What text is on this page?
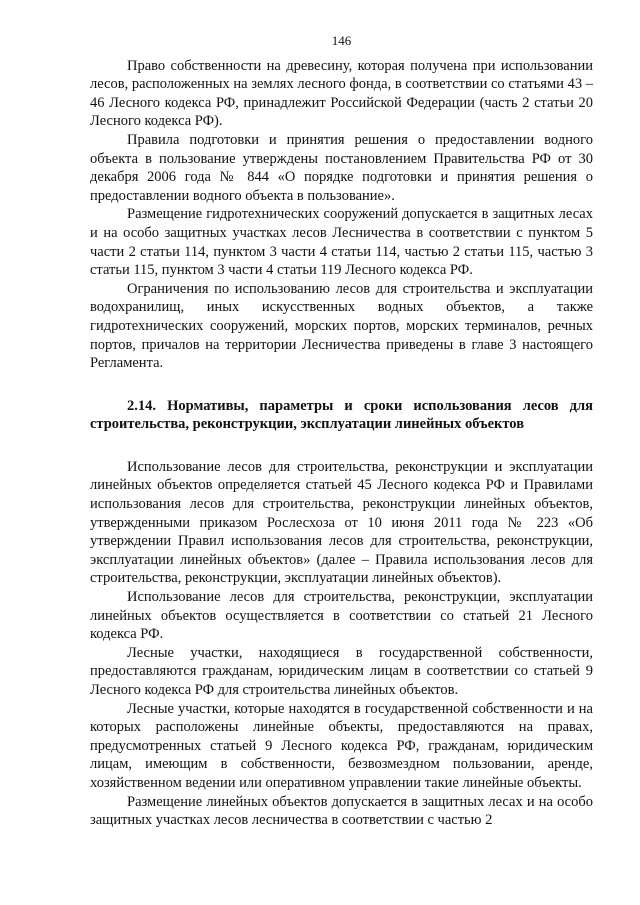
146

Право собственности на древесину, которая получена при использовании лесов, расположенных на землях лесного фонда, в соответствии со статьями 43 – 46 Лесного кодекса РФ, принадлежит Российской Федерации (часть 2 статьи 20 Лесного кодекса РФ).

Правила подготовки и принятия решения о предоставлении водного объекта в пользование утверждены постановлением Правительства РФ от 30 декабря 2006 года № 844 «О порядке подготовки и принятия решения о предоставлении водного объекта в пользование».

Размещение гидротехнических сооружений допускается в защитных лесах и на особо защитных участках лесов Лесничества в соответствии с пунктом 5 части 2 статьи 114, пунктом 3 части 4 статьи 114, частью 2 статьи 115, частью 3 статьи 115, пунктом 3 части 4 статьи 119 Лесного кодекса РФ.

Ограничения по использованию лесов для строительства и эксплуатации водохранилищ, иных искусственных водных объектов, а также гидротехнических сооружений, морских портов, морских терминалов, речных портов, причалов на территории Лесничества приведены в главе 3 настоящего Регламента.

2.14. Нормативы, параметры и сроки использования лесов для строительства, реконструкции, эксплуатации линейных объектов

Использование лесов для строительства, реконструкции и эксплуатации линейных объектов определяется статьей 45 Лесного кодекса РФ и Правилами использования лесов для строительства, реконструкции линейных объектов, утвержденными приказом Рослесхоза от 10 июня 2011 года № 223 «Об утверждении Правил использования лесов для строительства, реконструкции, эксплуатации линейных объектов» (далее – Правила использования лесов для строительства, реконструкции, эксплуатации линейных объектов).

Использование лесов для строительства, реконструкции, эксплуатации линейных объектов осуществляется в соответствии со статьей 21 Лесного кодекса РФ.

Лесные участки, находящиеся в государственной собственности, предоставляются гражданам, юридическим лицам в соответствии со статьей 9 Лесного кодекса РФ для строительства линейных объектов.

Лесные участки, которые находятся в государственной собственности и на которых расположены линейные объекты, предоставляются на правах, предусмотренных статьей 9 Лесного кодекса РФ, гражданам, юридическим лицам, имеющим в собственности, безвозмездном пользовании, аренде, хозяйственном ведении или оперативном управлении такие линейные объекты.

Размещение линейных объектов допускается в защитных лесах и на особо защитных участках лесов лесничества в соответствии с частью 2
